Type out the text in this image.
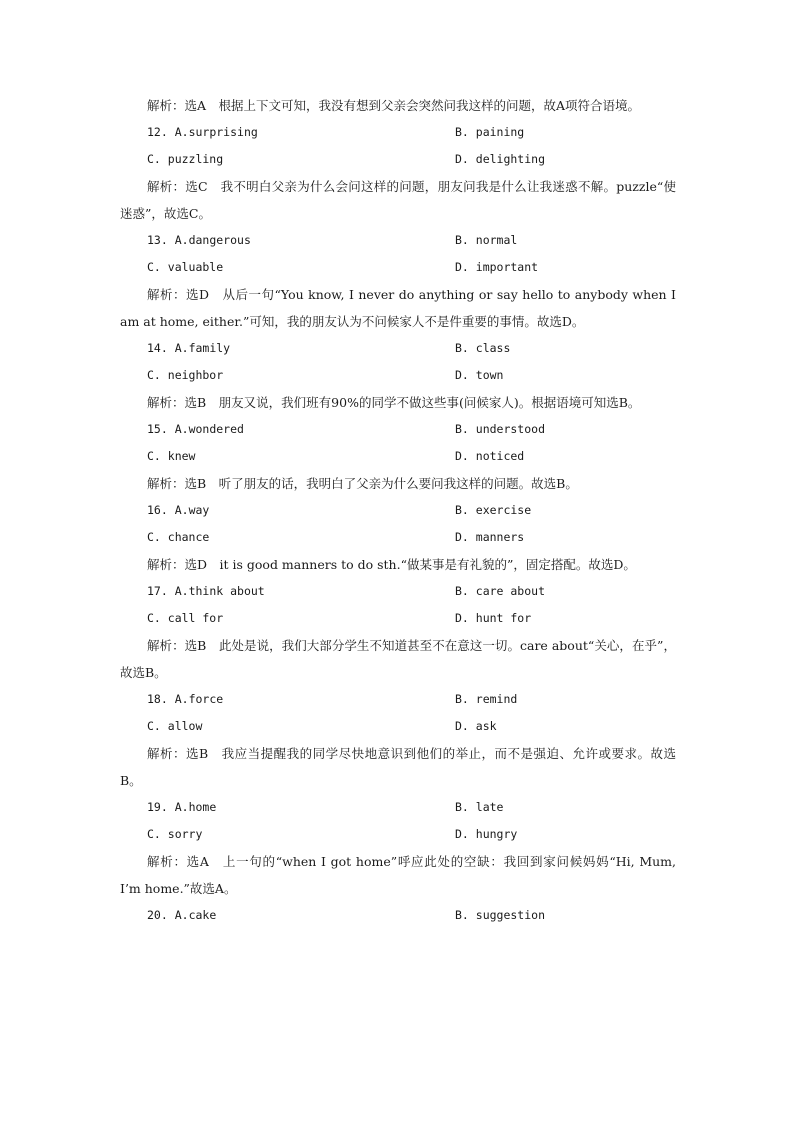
解析：选A　根据上下文可知，我没有想到父亲会突然问我这样的问题，故A项符合语境。

12. A.surprising	B. paining
C. puzzling	D. delighting

解析：选C　我不明白父亲为什么会问这样的问题，朋友问我是什么让我迷惑不解。puzzle“使迷惑”，故选C。

13. A.dangerous	B. normal
C. valuable	D. important

解析：选D　从后一句“You know, I never do anything or say hello to anybody when I am at home, either.”可知，我的朋友认为不问候家人不是件重要的事情。故选D。

14. A.family	B. class
C. neighbor	D. town

解析：选B　朋友又说，我们班有90%的同学不做这些事(问候家人)。根据语境可知选B。

15. A.wondered	B. understood
C. knew	D. noticed

解析：选B　听了朋友的话，我明白了父亲为什么要问我这样的问题。故选B。

16. A.way	B. exercise
C. chance	D. manners

解析：选D　it is good manners to do sth.“做某事是有礼貌的”，固定搭配。故选D。

17. A.think about	B. care about
C. call for	D. hunt for

解析：选B　此处是说，我们大部分学生不知道甚至不在意这一切。care about“关心，在乎”，故选B。

18. A.force	B. remind
C. allow	D. ask

解析：选B　我应当提醒我的同学尽快地意识到他们的举止，而不是强迫、允许或要求。故选B。

19. A.home	B. late
C. sorry	D. hungry

解析：选A　上一句的“when I got home”呼应此处的空缺：我回到家问候妈妈“Hi, Mum, I’m home.”故选A。

20. A.cake	B. suggestion
